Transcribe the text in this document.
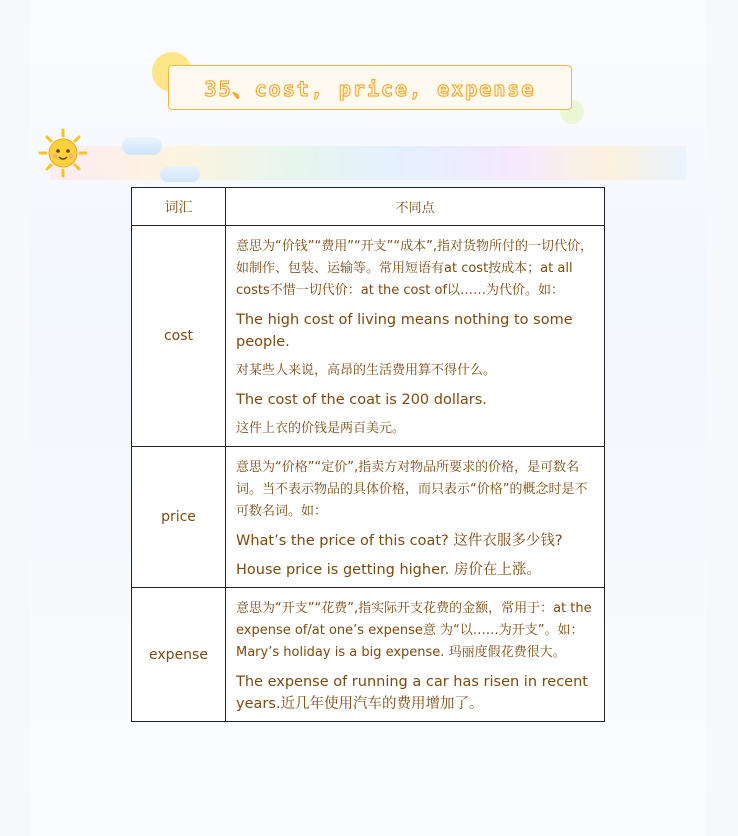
35、cost, price, expense
词汇	不同点
cost	意思为“价钱”“费用”“开支”“成本”,指对货物所付的一切代价，如制作、包装、运输等。常用短语有at cost按成本；at all costs不惜一切代价：at the cost of以……为代价。如：

The high cost of living means nothing to some people.

对某些人来说，高昂的生活费用算不得什么。

The cost of the coat is 200 dollars.

这件上衣的价钱是两百美元。

price	意思为“价格”“定价”,指卖方对物品所要求的价格，是可数名词。当不表示物品的具体价格，而只表示“价格”的概念时是不可数名词。如：

What’s the price of this coat? 这件衣服多少钱?

House price is getting higher. 房价在上涨。

expense	意思为“开支”“花费”,指实际开支花费的金额，常用于：at the expense of/at one’s expense意 为“以……为开支”。如：Mary’s holiday is a big expense. 玛丽度假花费很大。

The expense of running a car has risen in recent years.近几年使用汽车的费用增加了。
